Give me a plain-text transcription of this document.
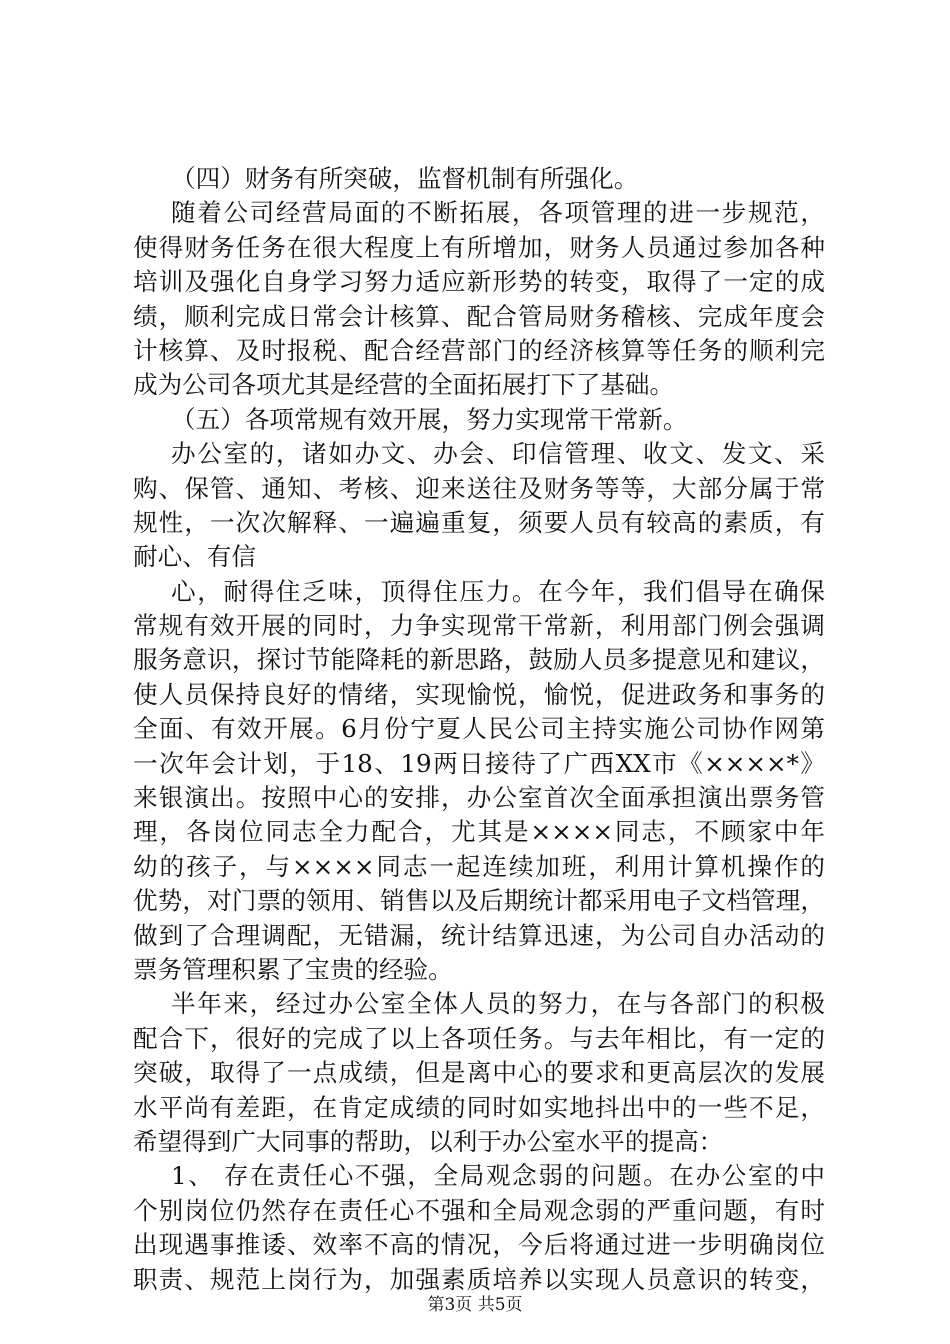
（四）财务有所突破，监督机制有所强化。
随着公司经营局面的不断拓展，各项管理的进一步规范，
使得财务任务在很大程度上有所增加，财务人员通过参加各种
培训及强化自身学习努力适应新形势的转变，取得了一定的成
绩，顺利完成日常会计核算、配合管局财务稽核、完成年度会
计核算、及时报税、配合经营部门的经济核算等任务的顺利完
成为公司各项尤其是经营的全面拓展打下了基础。
（五）各项常规有效开展，努力实现常干常新。
办公室的，诸如办文、办会、印信管理、收文、发文、采
购、保管、通知、考核、迎来送往及财务等等，大部分属于常
规性，一次次解释、一遍遍重复，须要人员有较高的素质，有
耐心、有信
心，耐得住乏味，顶得住压力。在今年，我们倡导在确保
常规有效开展的同时，力争实现常干常新，利用部门例会强调
服务意识，探讨节能降耗的新思路，鼓励人员多提意见和建议，
使人员保持良好的情绪，实现愉悦，愉悦，促进政务和事务的
全面、有效开展。6月份宁夏人民公司主持实施公司协作网第
一次年会计划，于18、19两日接待了广西XX市《××××*》
来银演出。按照中心的安排，办公室首次全面承担演出票务管
理，各岗位同志全力配合，尤其是××××同志，不顾家中年
幼的孩子，与××××同志一起连续加班，利用计算机操作的
优势，对门票的领用、销售以及后期统计都采用电子文档管理，
做到了合理调配，无错漏，统计结算迅速，为公司自办活动的
票务管理积累了宝贵的经验。
半年来，经过办公室全体人员的努力，在与各部门的积极
配合下，很好的完成了以上各项任务。与去年相比，有一定的
突破，取得了一点成绩，但是离中心的要求和更高层次的发展
水平尚有差距，在肯定成绩的同时如实地抖出中的一些不足，
希望得到广大同事的帮助，以利于办公室水平的提高：
1、 存在责任心不强，全局观念弱的问题。在办公室的中
个别岗位仍然存在责任心不强和全局观念弱的严重问题，有时
出现遇事推诿、效率不高的情况，今后将通过进一步明确岗位
职责、规范上岗行为，加强素质培养以实现人员意识的转变，
第3页 共5页
